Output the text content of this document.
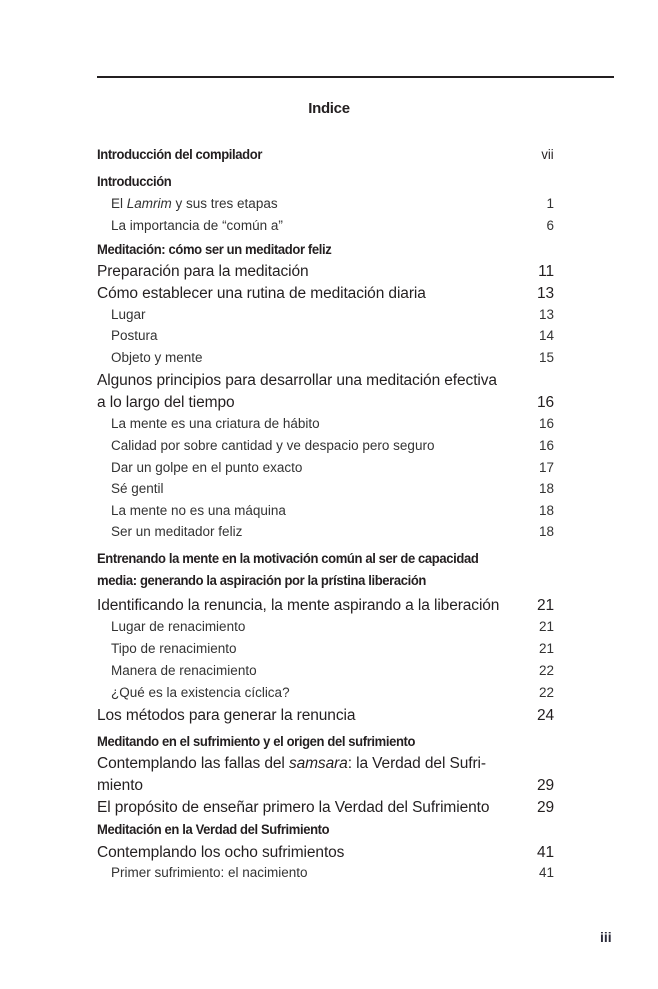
Indice
Introducción del compilador	vii
Introducción
El Lamrim y sus tres etapas	1
La importancia de “común a”	6
Meditación: cómo ser un meditador feliz
Preparación para la meditación	11
Cómo establecer una rutina de meditación diaria	13
Lugar	13
Postura	14
Objeto y mente	15
Algunos principios para desarrollar una meditación efectiva
a lo largo del tiempo	16
La mente es una criatura de hábito	16
Calidad por sobre cantidad y ve despacio pero seguro	16
Dar un golpe en el punto exacto	17
Sé gentil	18
La mente no es una máquina	18
Ser un meditador feliz	18
Entrenando la mente en la motivación común al ser de capacidad
media: generando la aspiración por la prístina liberación
Identificando la renuncia, la mente aspirando a la liberación 21
Lugar de renacimiento	21
Tipo de renacimiento	21
Manera de renacimiento	22
¿Qué es la existencia cíclica?	22
Los métodos para generar la renuncia	24
Meditando en el sufrimiento y el origen del sufrimiento
Contemplando las fallas del samsara: la Verdad del Sufri-
miento	29
El propósito de enseñar primero la Verdad del Sufrimiento	29
Meditación en la Verdad del Sufrimiento
Contemplando los ocho sufrimientos	41
Primer sufrimiento: el nacimiento	41
iii
